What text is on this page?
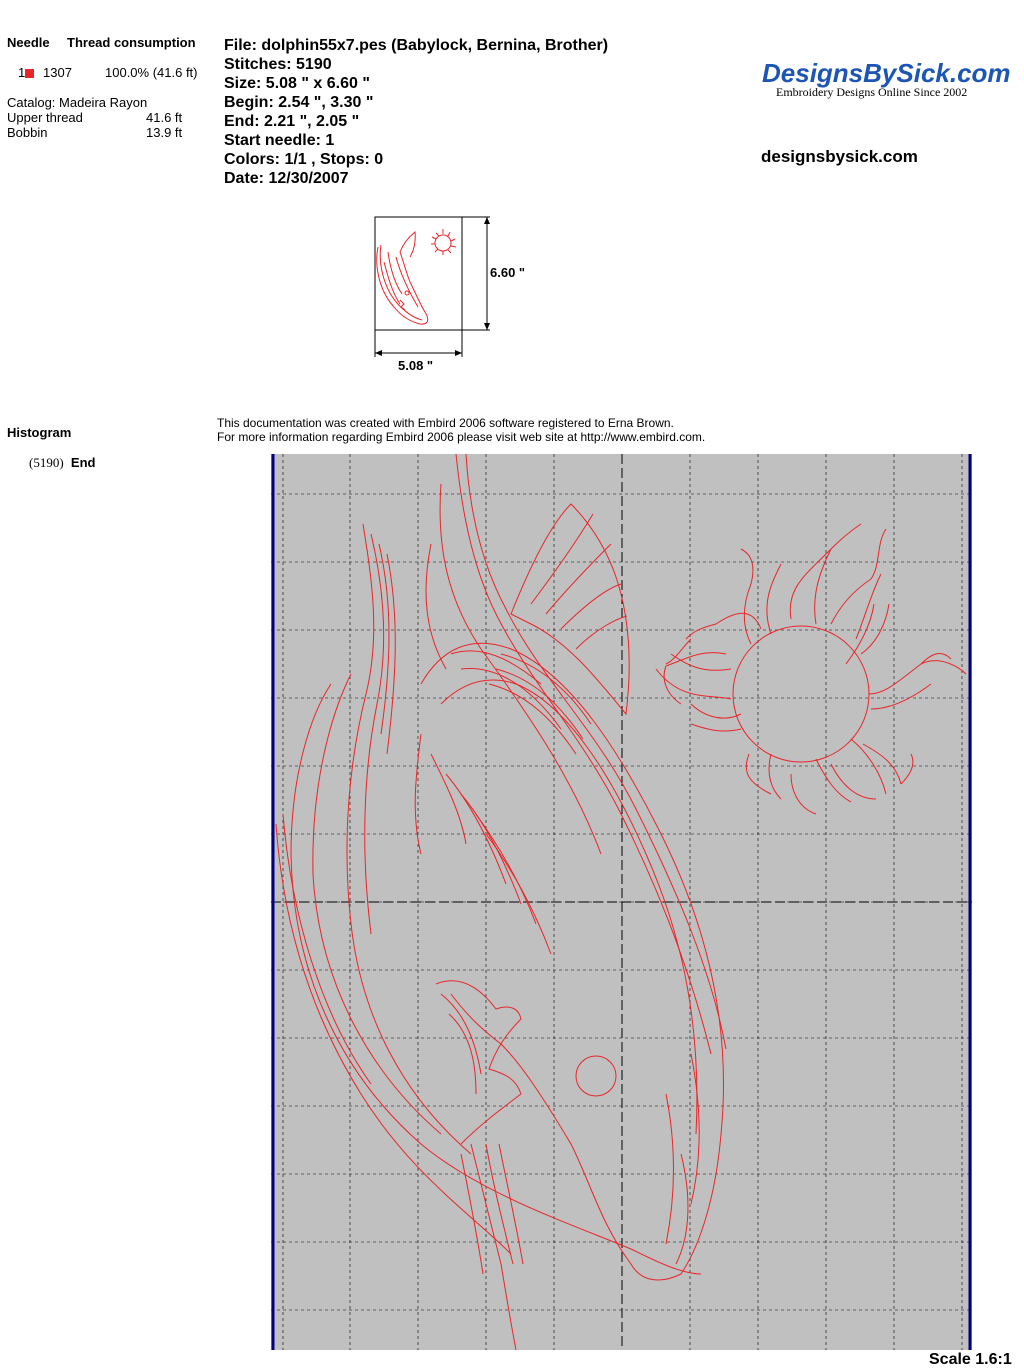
Needle Thread consumption
1	1307	100.0% (41.6 ft)
Catalog: Madeira Rayon
Upper thread	41.6 ft
Bobbin	13.9 ft
Histogram
(5190) End
File: dolphin55x7.pes (Babylock, Bernina, Brother)
Stitches: 5190
Size: 5.08 " x 6.60 "
Begin: 2.54 ", 3.30 "
End: 2.21 ", 2.05 "
Start needle: 1
Colors: 1/1 , Stops: 0
Date: 12/30/2007
DesignsBySick.com
Embroidery Designs Online Since 2002
designsbysick.com
6.60 "
5.08 "
This documentation was created with Embird 2006 software registered to Erna Brown.
For more information regarding Embird 2006 please visit web site at http://www.embird.com.
Scale 1.6:1
